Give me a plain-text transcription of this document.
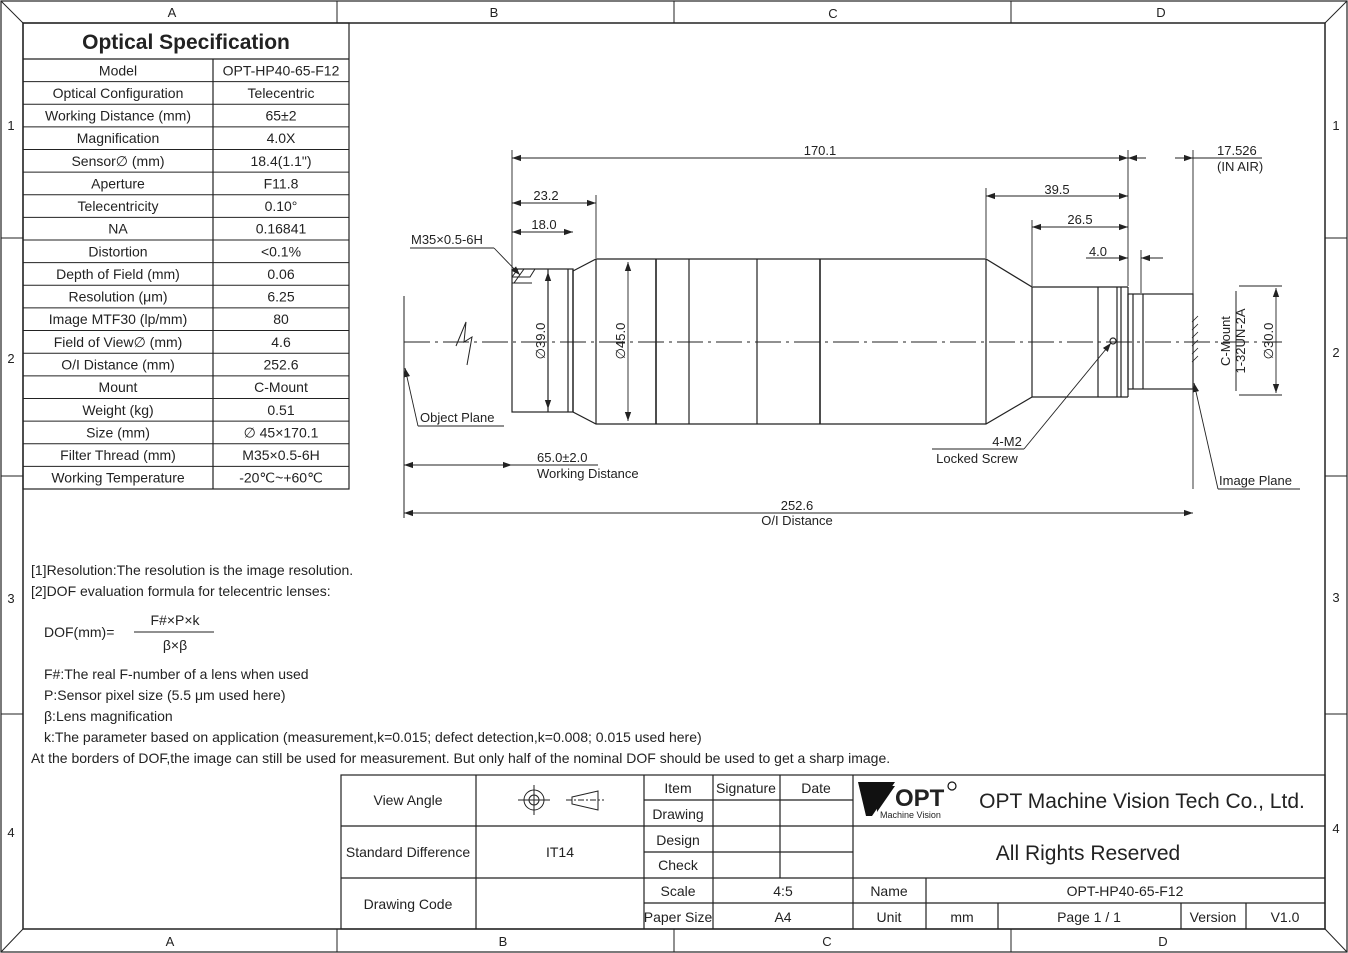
A	B	C	D
A	B	C	D
1
2
3
4
1
2
3
4
Optical Specification
Model	OPT-HP40-65-F12
Optical Configuration	Telecentric
Working Distance (mm)	65±2
Magnification	4.0X
Sensor∅ (mm)	18.4(1.1")
Aperture	F11.8
Telecentricity	0.10°
NA	0.16841
Distortion	<0.1%
Depth of Field (mm)	0.06
Resolution (μm)	6.25
Image MTF30 (lp/mm)	80
Field of View∅ (mm)	4.6
O/I Distance (mm)	252.6
Mount	C-Mount
Weight (kg)	0.51
Size (mm)	∅ 45×170.1
Filter Thread (mm)	M35×0.5-6H
Working Temperature	-20℃~+60℃
170.1	17.526
(IN AIR)
23.2
18.0
39.5
26.5
4.0
M35×0.5-6H
∅39.0	∅45.0	∅30.0
C-Mount 1-32UN-2A
4-M2
Locked Screw
65.0±2.0
Working Distance
252.6
O/I Distance
Object Plane
Image Plane
[1]Resolution:The resolution is the image resolution.
[2]DOF evaluation formula for telecentric lenses:
DOF(mm)=
F#×P×k
β×β
F#:The real F-number of a lens when used
P:Sensor pixel size (5.5 μm used here)
β:Lens magnification
k:The parameter based on application (measurement,k=0.015; defect detection,k=0.008; 0.015 used here)
At the borders of DOF,the image can still be used for measurement. But only half of the nominal DOF should be used to get a sharp image.
OPT
Machine Vision
View Angle
Standard Difference	IT14
Drawing Code
Item Signature Date
Drawing
Design
Check
Scale	4:5
Paper Size	A4
Name	OPT-HP40-65-F12
Unit	mm	Page 1 / 1	Version V1.0
OPT Machine Vision Tech Co., Ltd.
All Rights Reserved
